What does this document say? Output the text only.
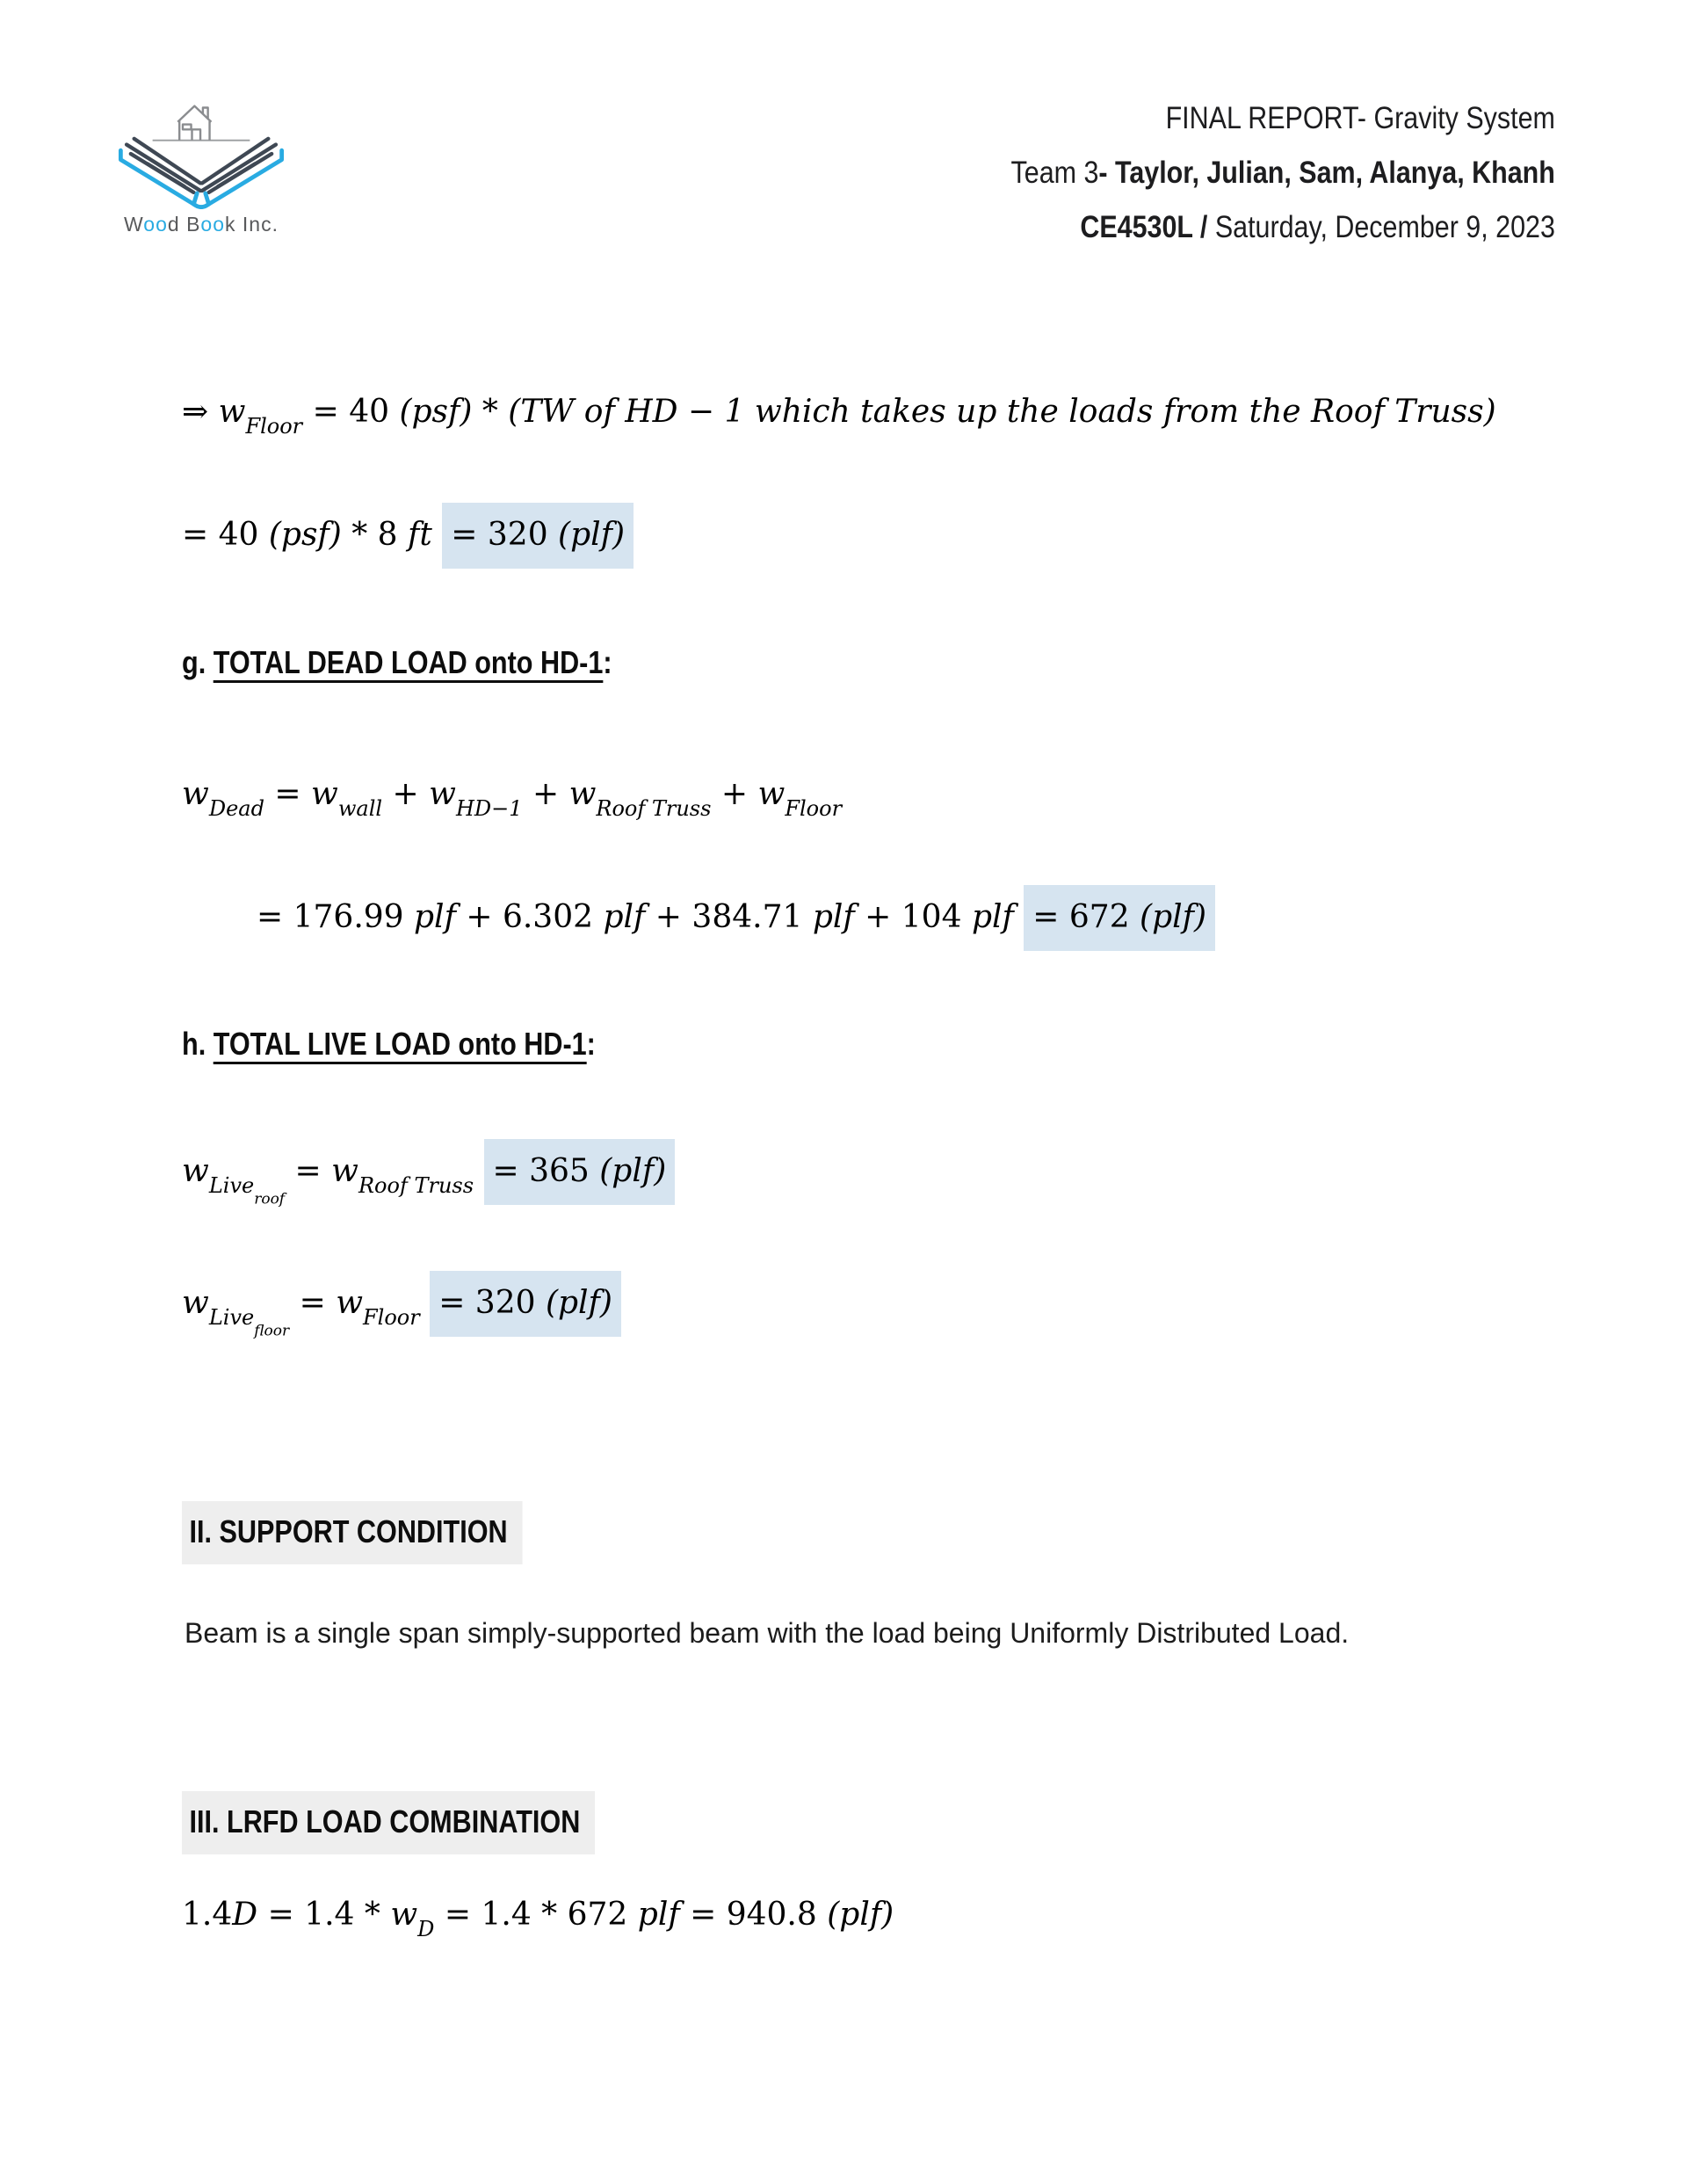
Wood Book Inc.
FINAL REPORT- Gravity System
Team 3- Taylor, Julian, Sam, Alanya, Khanh
CE4530L / Saturday, December 9, 2023
⇒ $w_{Floor} = 40$ (psf) * (TW of HD − 1 which takes up the loads from the Roof Truss)
= 40 (psf) * 8 ft = 320 (plf)
g. TOTAL DEAD LOAD onto HD-1:
$w_{Dead} = w_{wall} + w_{HD-1} + w_{Roof Truss} + w_{Floor}$
= 176.99 plf + 6.302 plf + 384.71 plf + 104 plf = 672 (plf)
h. TOTAL LIVE LOAD onto HD-1:
$w_{Liveroof} = w_{Roof Truss} = 365$ (plf)
$w_{Livefloor} = w_{Floor} = 320$ (plf)
II. SUPPORT CONDITION
Beam is a single span simply-supported beam with the load being Uniformly Distributed Load.
III. LRFD LOAD COMBINATION
$1.4D = 1.4 * w_D = 1.4 * 672$ plf = 940.8 (plf)
